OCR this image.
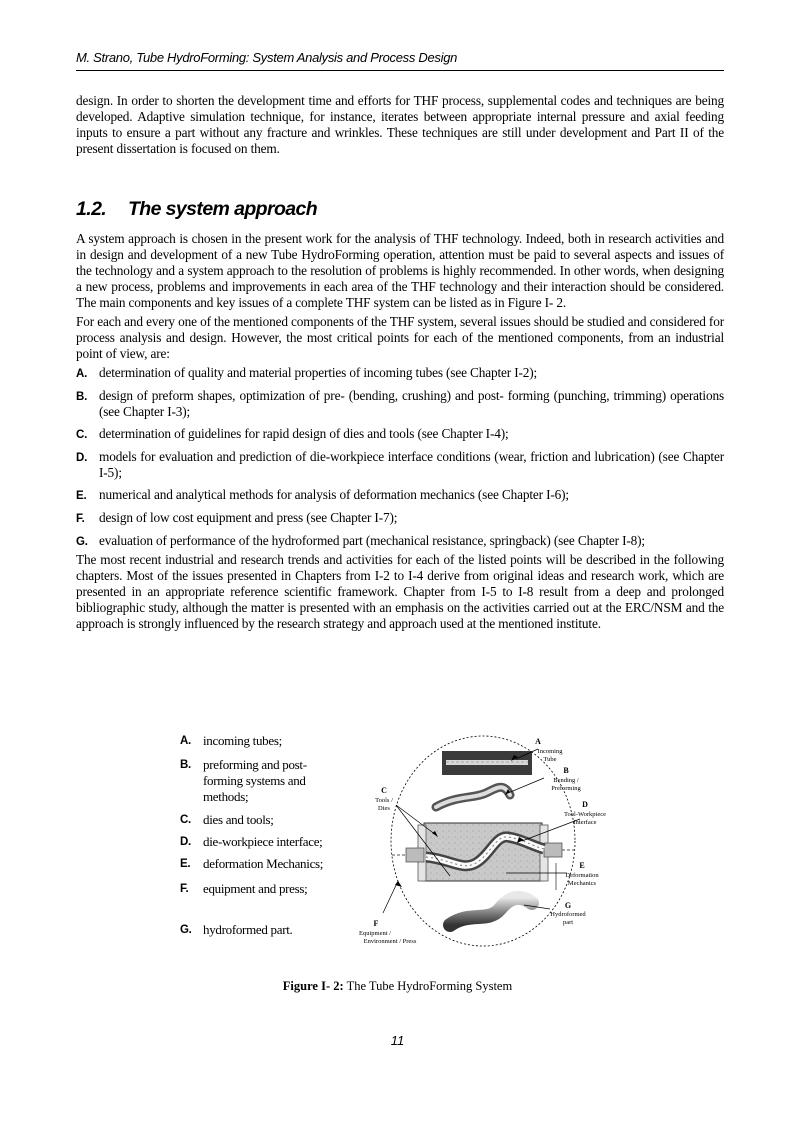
M. Strano, Tube HydroForming: System Analysis and Process Design

design. In order to shorten the development time and efforts for THF process, supplemental codes and techniques are being developed. Adaptive simulation technique, for instance, iterates between appropriate internal pressure and axial feeding inputs to ensure a part without any fracture and wrinkles. These techniques are still under development and Part II of the present dissertation is focused on them.

1.2.	The system approach

A system approach is chosen in the present work for the analysis of THF technology. Indeed, both in research activities and in design and development of a new Tube HydroForming operation, attention must be paid to several aspects and issues of the technology and a system approach to the resolution of problems is highly recommended. In other words, when designing a new process, problems and improvements in each area of the THF technology and their interaction should be considered. The main components and key issues of a complete THF system can be listed as in Figure I- 2.

For each and every one of the mentioned components of the THF system, several issues should be studied and considered for process analysis and design. However, the most critical points for each of the mentioned components, from an industrial point of view, are:

A. determination of quality and material properties of incoming tubes (see Chapter I-2);
B. design of preform shapes, optimization of pre- (bending, crushing) and post- forming (punching, trimming) operations (see Chapter I-3);
C. determination of guidelines for rapid design of dies and tools (see Chapter I-4);
D. models for evaluation and prediction of die-workpiece interface conditions (wear, friction and lubrication) (see Chapter I-5);
E. numerical and analytical methods for analysis of deformation mechanics (see Chapter I-6);
F.	design of low cost equipment and press (see Chapter I-7);
G. evaluation of performance of the hydroformed part (mechanical resistance, springback) (see Chapter I-8);

The most recent industrial and research trends and activities for each of the listed points will be described in the following chapters. Most of the issues presented in Chapters from I-2 to I-4 derive from original ideas and research work, which are presented in an appropriate reference scientific framework. Chapter from I-5 to I-8 result from a deep and prolonged bibliographic study, although the matter is presented with an emphasis on the activities carried out at the ERC/NSM and the approach is strongly influenced by the research strategy and approach used at the mentioned institute.

A. incoming tubes;
B. preforming and post-forming systems and methods;
C. dies and tools;
D. die-workpiece interface;
E. deformation Mechanics;
F.	equipment and press;
G. hydroformed part.
A
Incoming
Tube
B
Bending /
Preforming
C
Tools /
Dies	D
Tool-Workpiece
Interface
E
Deformation
Mechanics
F
Equipment /
Environment / Press
G
Hydroformed
part
Figure I- 2: The Tube HydroForming System
11
